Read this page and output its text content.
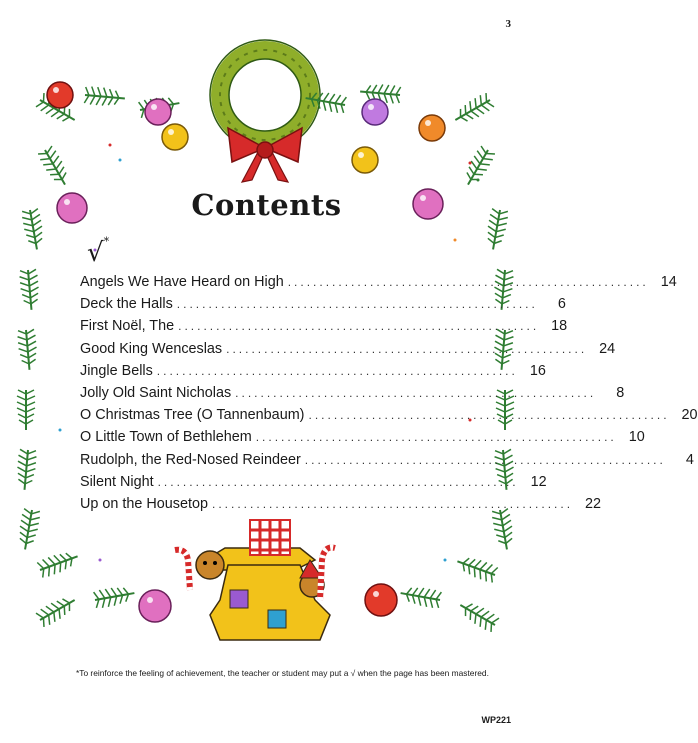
3
Contents
√*
Angels We Have Heard on High ......................................................... 14
Deck the Halls .........................................................	6
First Noël, The ......................................................... 18
Good King Wenceslas ......................................................... 24
Jingle Bells ......................................................... 16
Jolly Old Saint Nicholas .........................................................	8
O Christmas Tree (O Tannenbaum) ......................................................... 20
O Little Town of Bethlehem ......................................................... 10
Rudolph, the Red-Nosed Reindeer .........................................................	4
Silent Night ......................................................... 12
Up on the Housetop ......................................................... 22
*To reinforce the feeling of achievement, the teacher or student may put a √ when the page has been mastered.
WP221
